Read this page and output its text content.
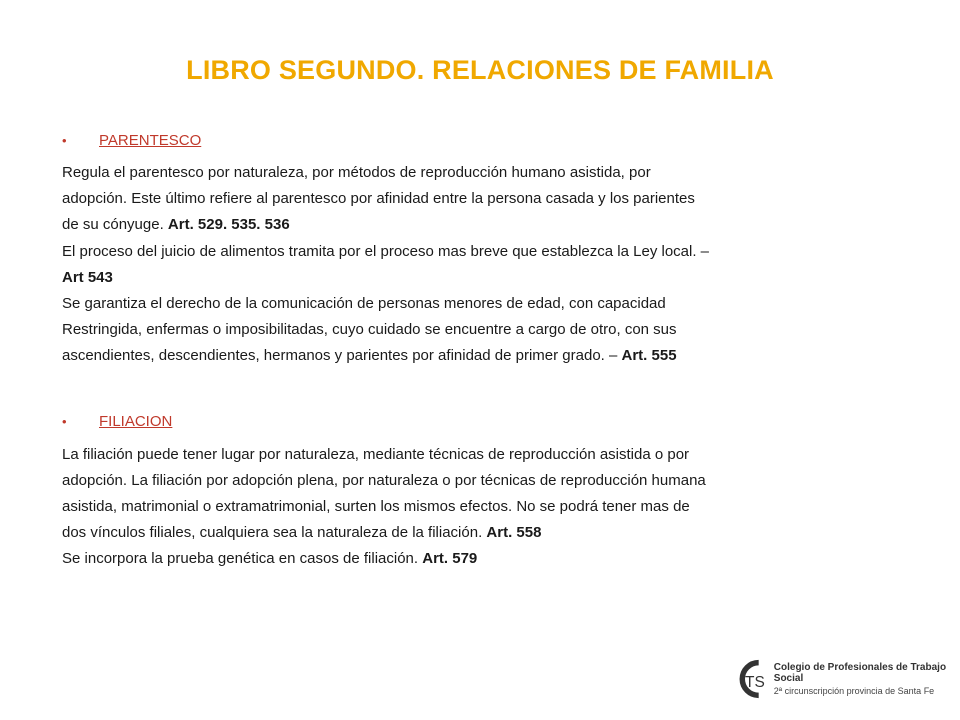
LIBRO SEGUNDO. RELACIONES DE FAMILIA
•	PARENTESCO
Regula el parentesco por naturaleza, por métodos de reproducción humano asistida, por
adopción. Este último refiere al parentesco por afinidad entre la persona casada y los parientes
de su cónyuge. Art. 529. 535. 536
El proceso del juicio de alimentos tramita por el proceso mas breve que establezca la Ley local. –
Art 543
Se garantiza el derecho de la comunicación de personas menores de edad, con capacidad
Restringida, enfermas o imposibilitadas, cuyo cuidado se encuentre a cargo de otro, con sus
ascendientes, descendientes, hermanos y parientes por afinidad de primer grado. – Art. 555
•	FILIACION
La filiación puede tener lugar por naturaleza, mediante técnicas de reproducción asistida o por
adopción. La filiación por adopción plena, por naturaleza o por técnicas de reproducción humana
asistida, matrimonial o extramatrimonial, surten los mismos efectos. No se podrá tener mas de
dos vínculos filiales, cualquiera sea la naturaleza de la filiación. Art. 558
Se incorpora la prueba genética en casos de filiación. Art. 579
TS
Colegio de Profesionales de Trabajo Social
2ª circunscripción provincia de Santa Fe
